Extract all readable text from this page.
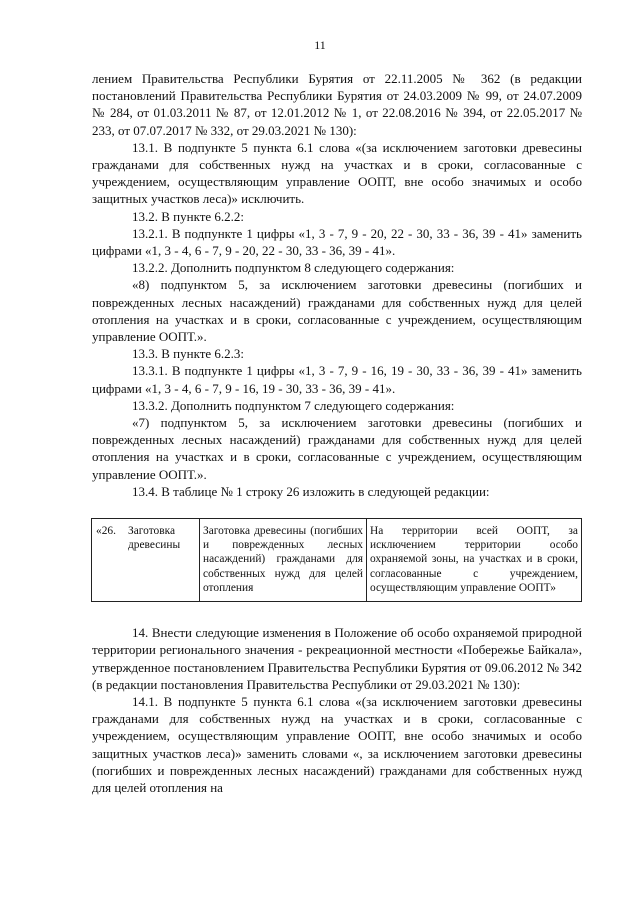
11

лением Правительства Республики Бурятия от 22.11.2005 № 362 (в редакции постановлений Правительства Республики Бурятия от 24.03.2009 № 99, от 24.07.2009 № 284, от 01.03.2011 № 87, от 12.01.2012 № 1, от 22.08.2016 № 394, от 22.05.2017 № 233, от 07.07.2017 № 332, от 29.03.2021 № 130):

13.1. В подпункте 5 пункта 6.1 слова «(за исключением заготовки древесины гражданами для собственных нужд на участках и в сроки, согласованные с учреждением, осуществляющим управление ООПТ, вне особо значимых и особо защитных участков леса)» исключить.

13.2. В пункте 6.2.2:

13.2.1. В подпункте 1 цифры «1, 3 - 7, 9 - 20, 22 - 30, 33 - 36, 39 - 41» заменить цифрами «1, 3 - 4, 6 - 7, 9 - 20, 22 - 30, 33 - 36, 39 - 41».

13.2.2. Дополнить подпунктом 8 следующего содержания:

«8) подпунктом 5, за исключением заготовки древесины (погибших и поврежденных лесных насаждений) гражданами для собственных нужд для целей отопления на участках и в сроки, согласованные с учреждением, осуществляющим управление ООПТ.».

13.3. В пункте 6.2.3:

13.3.1. В подпункте 1 цифры «1, 3 - 7, 9 - 16, 19 - 30, 33 - 36, 39 - 41» заменить цифрами «1, 3 - 4, 6 - 7, 9 - 16, 19 - 30, 33 - 36, 39 - 41».

13.3.2. Дополнить подпунктом 7 следующего содержания:

«7) подпунктом 5, за исключением заготовки древесины (погибших и поврежденных лесных насаждений) гражданами для собственных нужд для целей отопления на участках и в сроки, согласованные с учреждением, осуществляющим управление ООПТ.».

13.4. В таблице № 1 строку 26 изложить в следующей редакции:

«26.	Заготовка древесины	Заготовка древесины (погибших и поврежденных лесных насаждений) гражданами для собственных нужд для целей отопления	На территории всей ООПТ, за исключением территории особо охраняемой зоны, на участках и в сроки, согласованные с учреждением, осуществляющим управление ООПТ»

14. Внести следующие изменения в Положение об особо охраняемой природной территории регионального значения - рекреационной местности «Побережье Байкала», утвержденное постановлением Правительства Республики Бурятия от 09.06.2012 № 342 (в редакции постановления Правительства Республики от 29.03.2021 № 130):

14.1. В подпункте 5 пункта 6.1 слова «(за исключением заготовки древесины гражданами для собственных нужд на участках и в сроки, согласованные с учреждением, осуществляющим управление ООПТ, вне особо значимых и особо защитных участков леса)» заменить словами «, за исключением заготовки древесины (погибших и поврежденных лесных насаждений) гражданами для собственных нужд для целей отопления на
